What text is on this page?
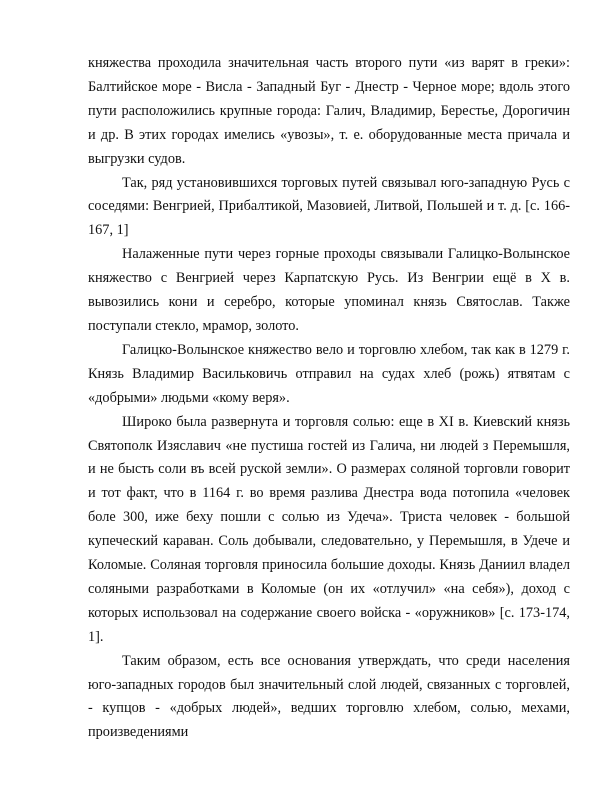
княжества проходила значительная часть второго пути «из варят в греки»: Балтийское море - Висла - Западный Буг - Днестр - Черное море; вдоль этого пути расположились крупные города: Галич, Владимир, Берестье, Дорогичин и др. В этих городах имелись «увозы», т. е. оборудованные места причала и выгрузки судов.

Так, ряд установившихся торговых путей связывал юго-западную Русь с соседями: Венгрией, Прибалтикой, Мазовией, Литвой, Польшей и т. д. [с. 166-167, 1]

Налаженные пути через горные проходы связывали Галицко-Волынское княжество с Венгрией через Карпатскую Русь. Из Венгрии ещё в X в. вывозились кони и серебро, которые упоминал князь Святослав. Также поступали стекло, мрамор, золото.

Галицко-Волынское княжество вело и торговлю хлебом, так как в 1279 г. Князь Владимир Васильковичь отправил на судах хлеб (рожь) ятвятам с «добрыми» людьми «кому веря».

Широко была развернута и торговля солью: еще в XI в. Киевский князь Святополк Изяславич «не пустиша гостей из Галича, ни людей з Перемышля, и не бысть соли въ всей руской земли». О размерах соляной торговли говорит и тот факт, что в 1164 г. во время разлива Днестра вода потопила «человек боле 300, иже беху пошли с солью из Удеча». Триста человек - большой купеческий караван. Соль добывали, следовательно, у Перемышля, в Удече и Коломые. Соляная торговля приносила большие доходы. Князь Даниил владел соляными разработками в Коломые (он их «отлучил» «на себя»), доход с которых использовал на содержание своего войска - «оружников» [с. 173-174, 1].

Таким образом, есть все основания утверждать, что среди населения юго-западных городов был значительный слой людей, связанных с торговлей, - купцов - «добрых людей», ведших торговлю хлебом, солью, мехами, произведениями
